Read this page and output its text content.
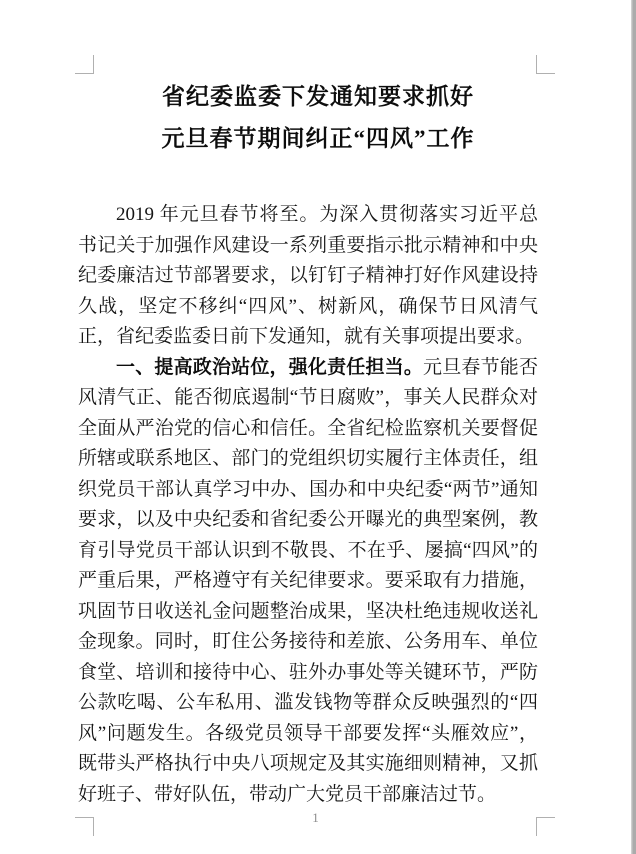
省纪委监委下发通知要求抓好
元旦春节期间纠正“四风”工作

2019 年元旦春节将至。为深入贯彻落实习近平总书记关于加强作风建设一系列重要指示批示精神和中央纪委廉洁过节部署要求，以钉钉子精神打好作风建设持久战，坚定不移纠“四风”、树新风，确保节日风清气正，省纪委监委日前下发通知，就有关事项提出要求。

一、提高政治站位，强化责任担当。元旦春节能否风清气正、能否彻底遏制“节日腐败”，事关人民群众对全面从严治党的信心和信任。全省纪检监察机关要督促所辖或联系地区、部门的党组织切实履行主体责任，组织党员干部认真学习中办、国办和中央纪委“两节”通知要求，以及中央纪委和省纪委公开曝光的典型案例，教育引导党员干部认识到不敬畏、不在乎、屡搞“四风”的严重后果，严格遵守有关纪律要求。要采取有力措施，巩固节日收送礼金问题整治成果，坚决杜绝违规收送礼金现象。同时，盯住公务接待和差旅、公务用车、单位食堂、培训和接待中心、驻外办事处等关键环节，严防公款吃喝、公车私用、滥发钱物等群众反映强烈的“四风”问题发生。各级党员领导干部要发挥“头雁效应”，既带头严格执行中央八项规定及其实施细则精神，又抓好班子、带好队伍，带动广大党员干部廉洁过节。

1
